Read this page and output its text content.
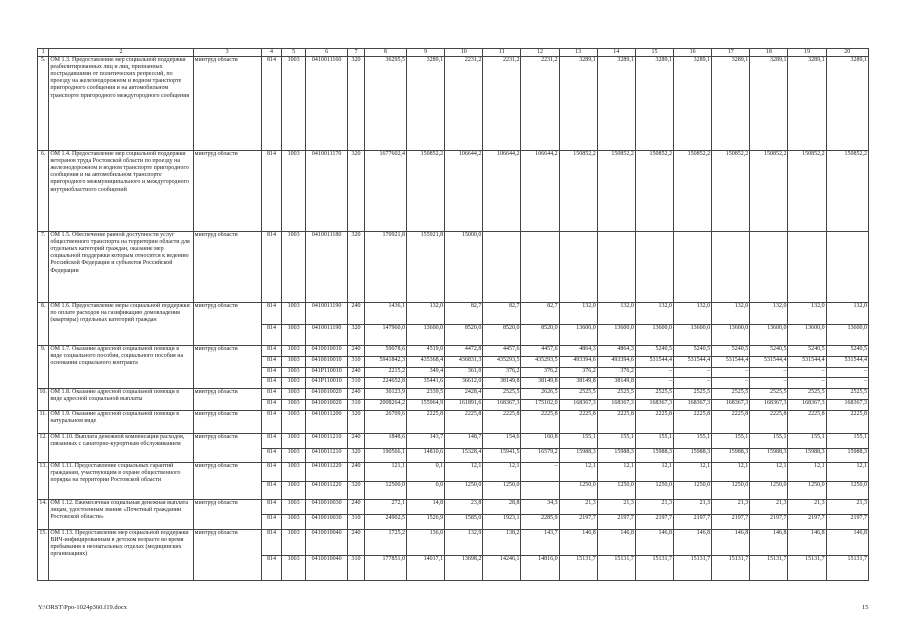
1	2	3	4	5	6	7	8	9	10	11	12	13	14	15	16	17	18	19	20
5.	ОМ 1.3. Предоставление мер социальной поддержки реабилитированных лиц и лиц, признанных пострадавшими от политических репрессий, по проезду на железнодорожном и водном транспорте пригородного сообщения и на автомобильном транспорте пригородного междугородного сообщения	минтруд области	814	1003	0410011160	320	36295,5	3289,1	2231,2	2231,2	2231,2	3289,1	3289,1	3289,1	3289,1	3289,1	3289,1	3289,1	3289,1
6.	ОМ 1.4. Предоставление мер социальной поддержки ветеранов труда Ростовской области по проезду на железнодорожном и водном транспорте пригородного сообщения и на автомобильном транспорте пригородного межмуниципального и междугородного внутриобластного сообщений	минтруд области	814	1003	0410011170	320	1677602,4	150852,2	106644,2	106644,2	106644,2	150852,2	150852,2	150852,2	150852,2	150852,2	150852,2	150852,2	150852,2
7.	ОМ 1.5. Обеспечение равной доступности услуг общественного транспорта на территории области для отдельных категорий граждан, оказание мер социальной поддержки которым относится к ведению Российской Федерации и субъектов Российской Федерации	минтруд области	814	1003	0410011180	320	170921,8	155921,8	15000,0										
8.	ОМ 1.6. Предоставление меры социальной поддержки по оплате расходов на газификацию домовладения (квартиры) отдельных категорий граждан	минтруд области	814	1003	0410011190	240	1436,1	132,0	82,7	82,7	82,7	132,0	132,0	132,0	132,0	132,0	132,0	132,0	132,0
			814	1003	0410011190	320	147960,0	13600,0	8520,0	8520,0	8520,0	13600,0	13600,0	13600,0	13600,0	13600,0	13600,0	13600,0	13600,0
9.	ОМ 1.7. Оказание адресной социальной помощи в виде социального пособия, социального пособия на основании социального контракта	минтруд области	814	1003	0410010010	240	59078,6	4519,0	4472,8	4457,6	4457,6	4864,3	4864,3	5240,5	5240,5	5240,5	5240,5	5240,5	5240,5
			814	1003	0410010010	310	5941842,3	435368,4	436831,3	435293,5	435293,5	493394,6	493394,6	531544,4	531544,4	531544,4	531544,4	531544,4	531544,4
			814	1003	041P110010	240	2215,2	349,4	361,0	376,2	376,2	376,2	376,2	–	–	–	–	–	–
			814	1003	041P110010	310	224652,8	35441,6	36612,0	38149,8	38149,8	38149,8	38149,8	–	–	–	–	–	–
10.	ОМ 1.8. Оказание адресной социальной помощи в виде адресной социальной выплаты	минтруд области	814	1003	0410010020	240	30123,9	2339,5	2428,4	2525,5	2626,5	2525,5	2525,5	2525,5	2525,5	2525,5	2525,5	2525,5	2525,5
			814	1003	0410010020	310	2008264,2	155964,9	161891,6	168367,3	175102,0	168367,3	168367,3	168367,3	168367,3	168367,3	168367,3	168367,3	168367,3
11.	ОМ 1.9. Оказание адресной социальной помощи в натуральном виде	минтруд области	814	1003	0410011200	320	26709,6	2225,8	2225,8	2225,8	2225,8	2225,8	2225,8	2225,8	2225,8	2225,8	2225,8	2225,8	2225,8
12.	ОМ 1.10. Выплата денежной компенсации расходов, связанных с санаторно-курортным обслуживанием	минтруд области	814	1003	0410011210	240	1848,6	143,7	148,7	154,6	160,8	155,1	155,1	155,1	155,1	155,1	155,1	155,1	155,1
			814	1003	0410011210	320	190566,1	14810,6	15328,4	15941,5	16579,2	15988,3	15988,3	15988,3	15988,3	15988,3	15988,3	15988,3	15988,3
13.	ОМ 1.11. Предоставление социальных гарантий гражданам, участвующим в охране общественного порядка на территории Ростовской области	минтруд области	814	1003	0410011220	240	121,1	0,1	12,1	12,1	–	12,1	12,1	12,1	12,1	12,1	12,1	12,1	12,1
			814	1003	0410011220	320	12500,0	0,0	1250,0	1250,0		1250,0	1250,0	1250,0	1250,0	1250,0	1250,0	1250,0	1250,0
14.	ОМ 1.12. Ежемесячная социальная денежная выплата лицам, удостоенным звания «Почетный гражданин Ростовской области»	минтруд области	814	1003	0410010030	240	272,1	14,8	23,8	28,8	34,3	21,3	21,3	21,3	21,3	21,3	21,3	21,3	21,3
			814	1003	0410010030	310	24902,5	1526,9	1585,0	1923,1	2285,9	2197,7	2197,7	2197,7	2197,7	2197,7	2197,7	2197,7	2197,7
15.	ОМ 1.13. Предоставление мер социальной поддержки ВИЧ-инфицированным в детском возрасте во время пребывания в неонатальных отделах (медицинских организациях)	минтруд области	814	1003	0410010040	240	1725,2	136,0	132,9	138,2	143,7	146,8	146,8	146,8	146,8	146,8	146,8	146,8	146,8
			814	1003	0410010040	310	177851,0	14017,1	13698,2	14246,1	14816,0	15131,7	15131,7	15131,7	15131,7	15131,7	15131,7	15131,7	15131,7
Y:\ORST\Ppo-1024p360.f19.docx	15
